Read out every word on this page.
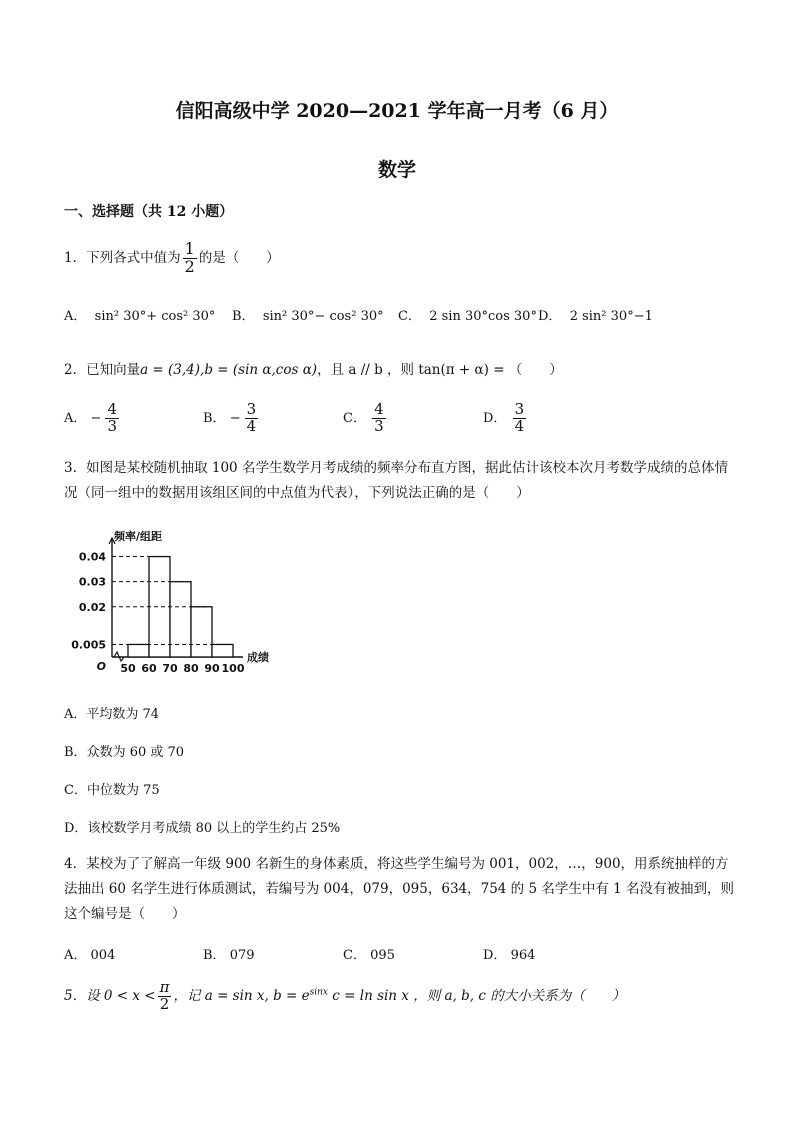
信阳高级中学 2020—2021 学年高一月考（6 月）
数学
一、选择题（共 12 小题）
1．下列各式中值为 $\frac{1}{2}$ 的是（　　）
A． sin² 30°+ cos² 30° B． sin² 30°− cos² 30° C． 2 sin 30°cos 30° D． 2 sin² 30°−1
2．已知向量a = (3,4),b = (sin α,cos α)，且 a // b ，则 tan(π + α) = （　　）
A． − $\frac{4}{3}$	B． − $\frac{3}{4}$	C． $\frac{4}{3}$	D． $\frac{3}{4}$
3．如图是某校随机抽取 100 名学生数学月考成绩的频率分布直方图，据此估计该校本次月考数学成绩的总体情况（同一组中的数据用该组区间的中点值为代表），下列说法正确的是（　　）
0.04
0.03
0.02
0.005
50 60 70 80 90 100
O
频率/组距
成绩
A．平均数为 74
B．众数为 60 或 70
C．中位数为 75
D．该校数学月考成绩 80 以上的学生约占 25%
4．某校为了了解高一年级 900 名新生的身体素质，将这些学生编号为 001，002，…，900，用系统抽样的方法抽出 60 名学生进行体质测试，若编号为 004，079，095，634，754 的 5 名学生中有 1 名没有被抽到，则这个编号是（　　）
A． 004	B． 079	C． 095	D． 964
5．设 $0 < x < \frac{\pi}{2}$ ，记 a = sin x, $b = e^{sinx}$ c = ln sin x ，则 a, b, c 的大小关系为（　　）
